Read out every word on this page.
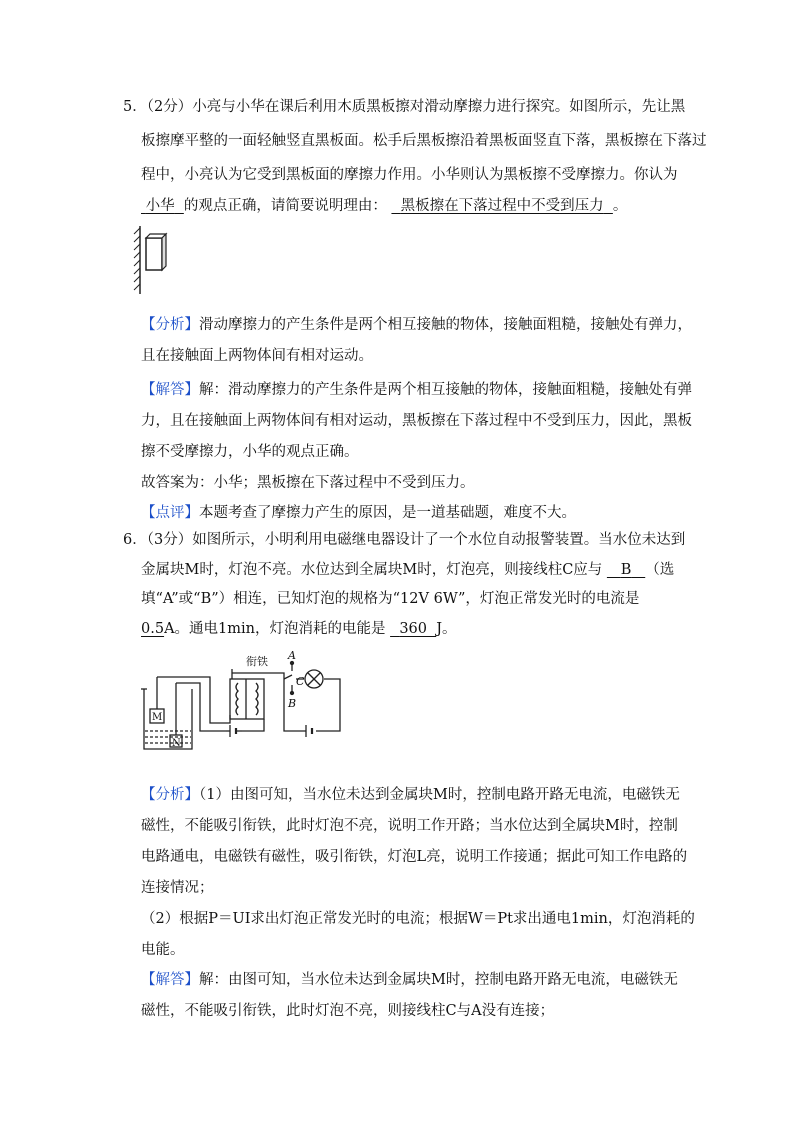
5．（2分）小亮与小华在课后利用木质黑板擦对滑动摩擦力进行探究。如图所示，先让黑
板擦摩平整的一面轻触竖直黑板面。松手后黑板擦沿着黑板面竖直下落，黑板擦在下落过
程中，小亮认为它受到黑板面的摩擦力作用。小华则认为黑板擦不受摩擦力。你认为
小华 的观点正确，请简要说明理由： 黑板擦在下落过程中不受到压力 。
【分析】滑动摩擦力的产生条件是两个相互接触的物体，接触面粗糙，接触处有弹力，
且在接触面上两物体间有相对运动。
【解答】解：滑动摩擦力的产生条件是两个相互接触的物体，接触面粗糙，接触处有弹
力，且在接触面上两物体间有相对运动，黑板擦在下落过程中不受到压力，因此，黑板
擦不受摩擦力，小华的观点正确。
故答案为：小华；黑板擦在下落过程中不受到压力。
【点评】本题考查了摩擦力产生的原因，是一道基础题，难度不大。
6．（3分）如图所示，小明利用电磁继电器设计了一个水位自动报警装置。当水位未达到
金属块M时，灯泡不亮。水位达到全属块M时，灯泡亮，则接线柱C应与 B （选
填“A”或“B”）相连，已知灯泡的规格为“12V 6W”，灯泡正常发光时的电流是
0.5A。通电1min，灯泡消耗的电能是 360 J。
衔铁 A
C
B
M
N
【分析】（1）由图可知，当水位未达到金属块M时，控制电路开路无电流，电磁铁无
磁性，不能吸引衔铁，此时灯泡不亮，说明工作开路；当水位达到全属块M时，控制
电路通电，电磁铁有磁性，吸引衔铁，灯泡L亮，说明工作接通；据此可知工作电路的
连接情况；
（2）根据P＝UI求出灯泡正常发光时的电流；根据W＝Pt求出通电1min，灯泡消耗的
电能。
【解答】解：由图可知，当水位未达到金属块M时，控制电路开路无电流，电磁铁无
磁性，不能吸引衔铁，此时灯泡不亮，则接线柱C与A没有连接；
